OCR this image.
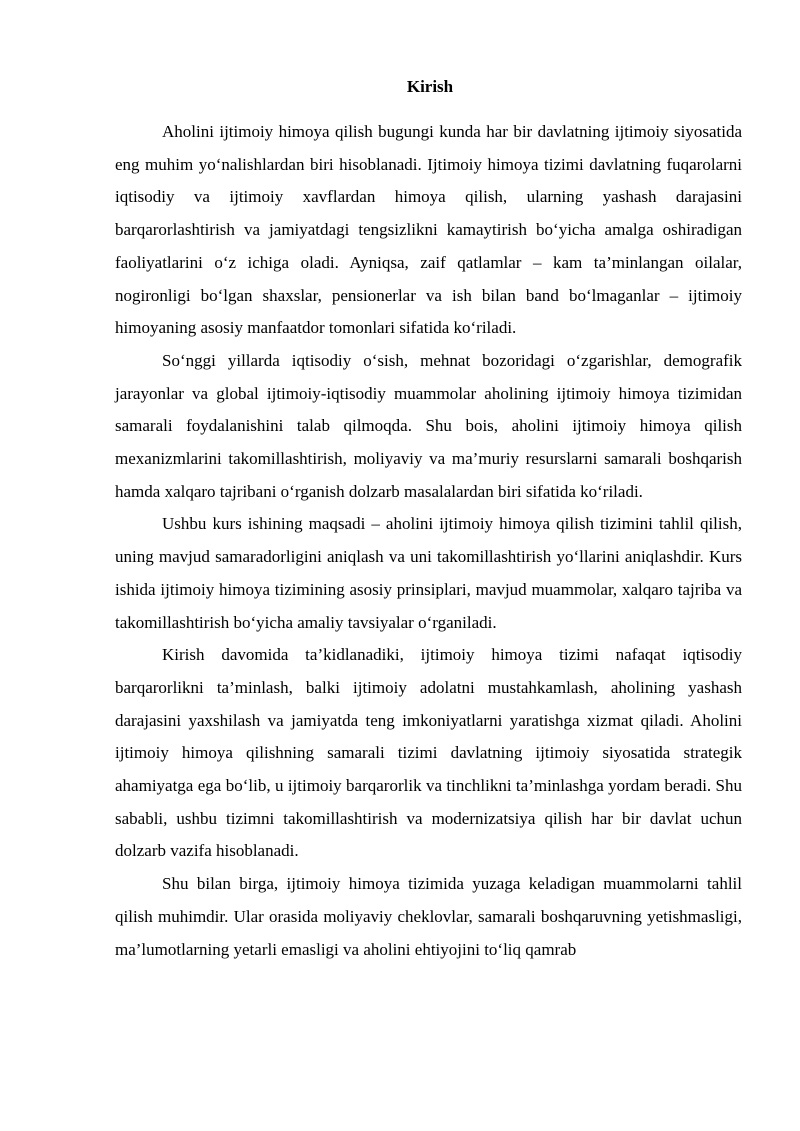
Kirish

Aholini ijtimoiy himoya qilish bugungi kunda har bir davlatning ijtimoiy siyosatida eng muhim yo‘nalishlardan biri hisoblanadi. Ijtimoiy himoya tizimi davlatning fuqarolarni iqtisodiy va ijtimoiy xavflardan himoya qilish, ularning yashash darajasini barqarorlashtirish va jamiyatdagi tengsizlikni kamaytirish bo‘yicha amalga oshiradigan faoliyatlarini o‘z ichiga oladi. Ayniqsa, zaif qatlamlar – kam ta’minlangan oilalar, nogironligi bo‘lgan shaxslar, pensionerlar va ish bilan band bo‘lmaganlar – ijtimoiy himoyaning asosiy manfaatdor tomonlari sifatida ko‘riladi.

So‘nggi yillarda iqtisodiy o‘sish, mehnat bozoridagi o‘zgarishlar, demografik jarayonlar va global ijtimoiy-iqtisodiy muammolar aholining ijtimoiy himoya tizimidan samarali foydalanishini talab qilmoqda. Shu bois, aholini ijtimoiy himoya qilish mexanizmlarini takomillashtirish, moliyaviy va ma’muriy resurslarni samarali boshqarish hamda xalqaro tajribani o‘rganish dolzarb masalalardan biri sifatida ko‘riladi.

Ushbu kurs ishining maqsadi – aholini ijtimoiy himoya qilish tizimini tahlil qilish, uning mavjud samaradorligini aniqlash va uni takomillashtirish yo‘llarini aniqlashdir. Kurs ishida ijtimoiy himoya tizimining asosiy prinsiplari, mavjud muammolar, xalqaro tajriba va takomillashtirish bo‘yicha amaliy tavsiyalar o‘rganiladi.

Kirish davomida ta’kidlanadiki, ijtimoiy himoya tizimi nafaqat iqtisodiy barqarorlikni ta’minlash, balki ijtimoiy adolatni mustahkamlash, aholining yashash darajasini yaxshilash va jamiyatda teng imkoniyatlarni yaratishga xizmat qiladi. Aholini ijtimoiy himoya qilishning samarali tizimi davlatning ijtimoiy siyosatida strategik ahamiyatga ega bo‘lib, u ijtimoiy barqarorlik va tinchlikni ta’minlashga yordam beradi. Shu sababli, ushbu tizimni takomillashtirish va modernizatsiya qilish har bir davlat uchun dolzarb vazifa hisoblanadi.

Shu bilan birga, ijtimoiy himoya tizimida yuzaga keladigan muammolarni tahlil qilish muhimdir. Ular orasida moliyaviy cheklovlar, samarali boshqaruvning yetishmasligi, ma’lumotlarning yetarli emasligi va aholini ehtiyojini to‘liq qamrab
